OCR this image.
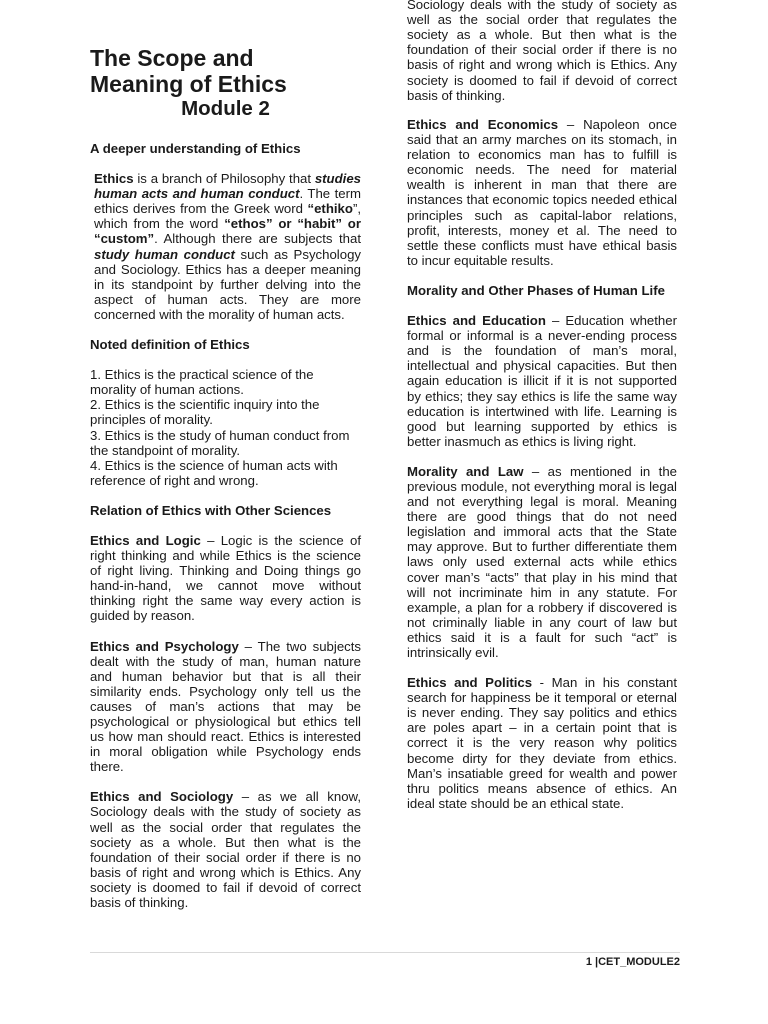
The Scope and
Meaning of Ethics
Module 2
A deeper understanding of Ethics

Ethics is a branch of Philosophy that studies human acts and human conduct. The term ethics derives from the Greek word “ethiko”, which from the word “ethos” or “habit” or “custom”. Although there are subjects that study human conduct such as Psychology and Sociology. Ethics has a deeper meaning in its standpoint by further delving into the aspect of human acts. They are more concerned with the morality of human acts.

Noted definition of Ethics
1. Ethics is the practical science of the morality of human actions.
2. Ethics is the scientific inquiry into the principles of morality.
3. Ethics is the study of human conduct from the standpoint of morality.
4. Ethics is the science of human acts with reference of right and wrong.

Relation of Ethics with Other Sciences

Ethics and Logic – Logic is the science of right thinking and while Ethics is the science of right living. Thinking and Doing things go hand-in-hand, we cannot move without thinking right the same way every action is guided by reason.

Ethics and Psychology – The two subjects dealt with the study of man, human nature and human behavior but that is all their similarity ends. Psychology only tell us the causes of man’s actions that may be psychological or physiological but ethics tell us how man should react. Ethics is interested in moral obligation while Psychology ends there.

Ethics and Sociology – as we all know, Sociology deals with the study of society as well as the social order that regulates the society as a whole. But then what is the foundation of their social order if there is no basis of right and wrong which is Ethics. Any society is doomed to fail if devoid of correct basis of thinking.

Sociology deals with the study of society as well as the social order that regulates the society as a whole. But then what is the foundation of their social order if there is no basis of right and wrong which is Ethics. Any society is doomed to fail if devoid of correct basis of thinking.

Ethics and Economics – Napoleon once said that an army marches on its stomach, in relation to economics man has to fulfill is economic needs. The need for material wealth is inherent in man that there are instances that economic topics needed ethical principles such as capital-labor relations, profit, interests, money et al. The need to settle these conflicts must have ethical basis to incur equitable results.

Morality and Other Phases of Human Life

Ethics and Education – Education whether formal or informal is a never-ending process and is the foundation of man’s moral, intellectual and physical capacities. But then again education is illicit if it is not supported by ethics; they say ethics is life the same way education is intertwined with life. Learning is good but learning supported by ethics is better inasmuch as ethics is living right.

Morality and Law – as mentioned in the previous module, not everything moral is legal and not everything legal is moral. Meaning there are good things that do not need legislation and immoral acts that the State may approve. But to further differentiate them laws only used external acts while ethics cover man’s “acts” that play in his mind that will not incriminate him in any statute. For example, a plan for a robbery if discovered is not criminally liable in any court of law but ethics said it is a fault for such “act” is intrinsically evil.

Ethics and Politics - Man in his constant search for happiness be it temporal or eternal is never ending. They say politics and ethics are poles apart – in a certain point that is correct it is the very reason why politics become dirty for they deviate from ethics. Man’s insatiable greed for wealth and power thru politics means absence of ethics. An ideal state should be an ethical state.

1 |CET_MODULE2
